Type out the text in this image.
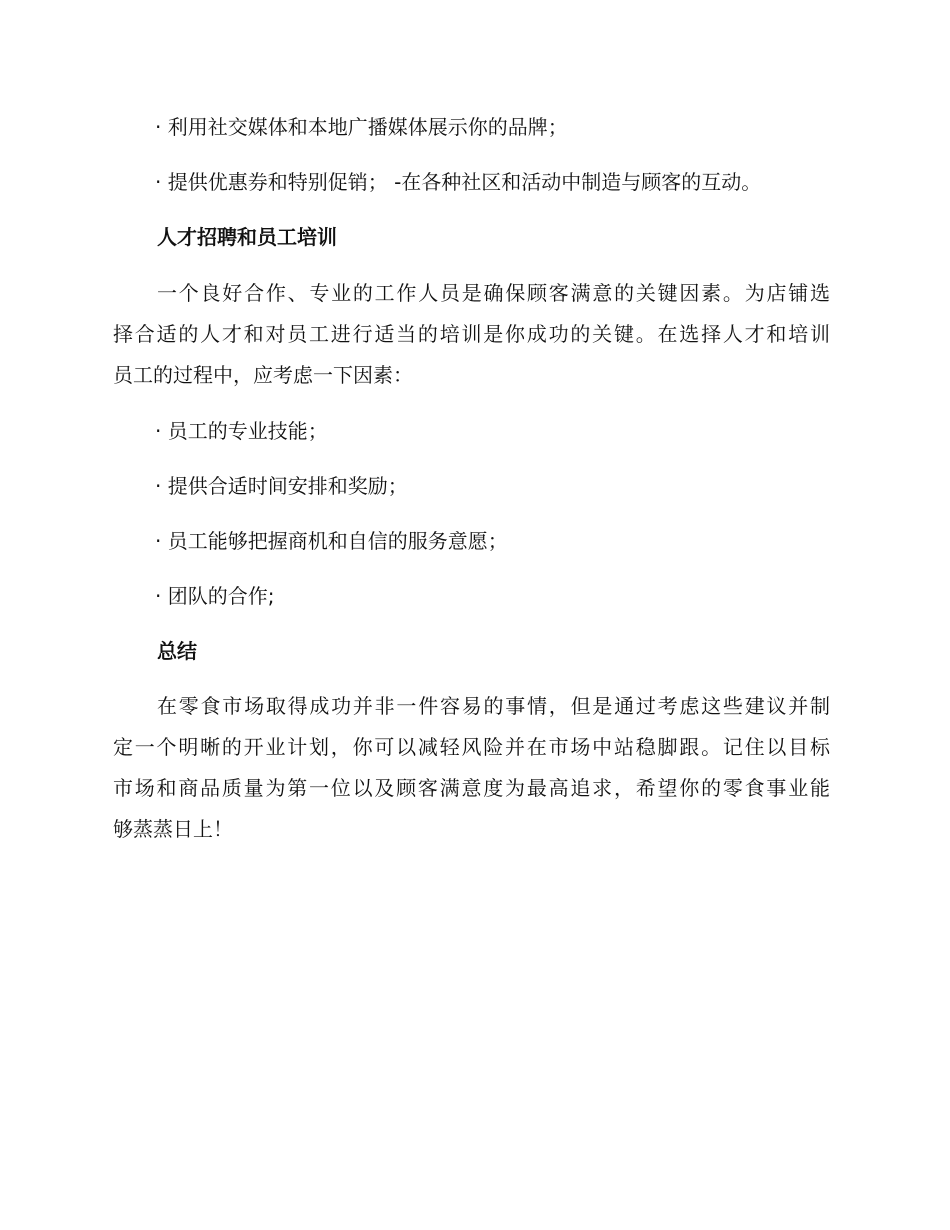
· 利用社交媒体和本地广播媒体展示你的品牌；
· 提供优惠券和特别促销； -在各种社区和活动中制造与顾客的互动。
人才招聘和员工培训
一个良好合作、专业的工作人员是确保顾客满意的关键因素。为店铺选
择合适的人才和对员工进行适当的培训是你成功的关键。在选择人才和培训
员工的过程中，应考虑一下因素：
· 员工的专业技能；
· 提供合适时间安排和奖励；
· 员工能够把握商机和自信的服务意愿；
· 团队的合作;
总结
在零食市场取得成功并非一件容易的事情，但是通过考虑这些建议并制
定一个明晰的开业计划，你可以减轻风险并在市场中站稳脚跟。记住以目标
市场和商品质量为第一位以及顾客满意度为最高追求，希望你的零食事业能
够蒸蒸日上！
